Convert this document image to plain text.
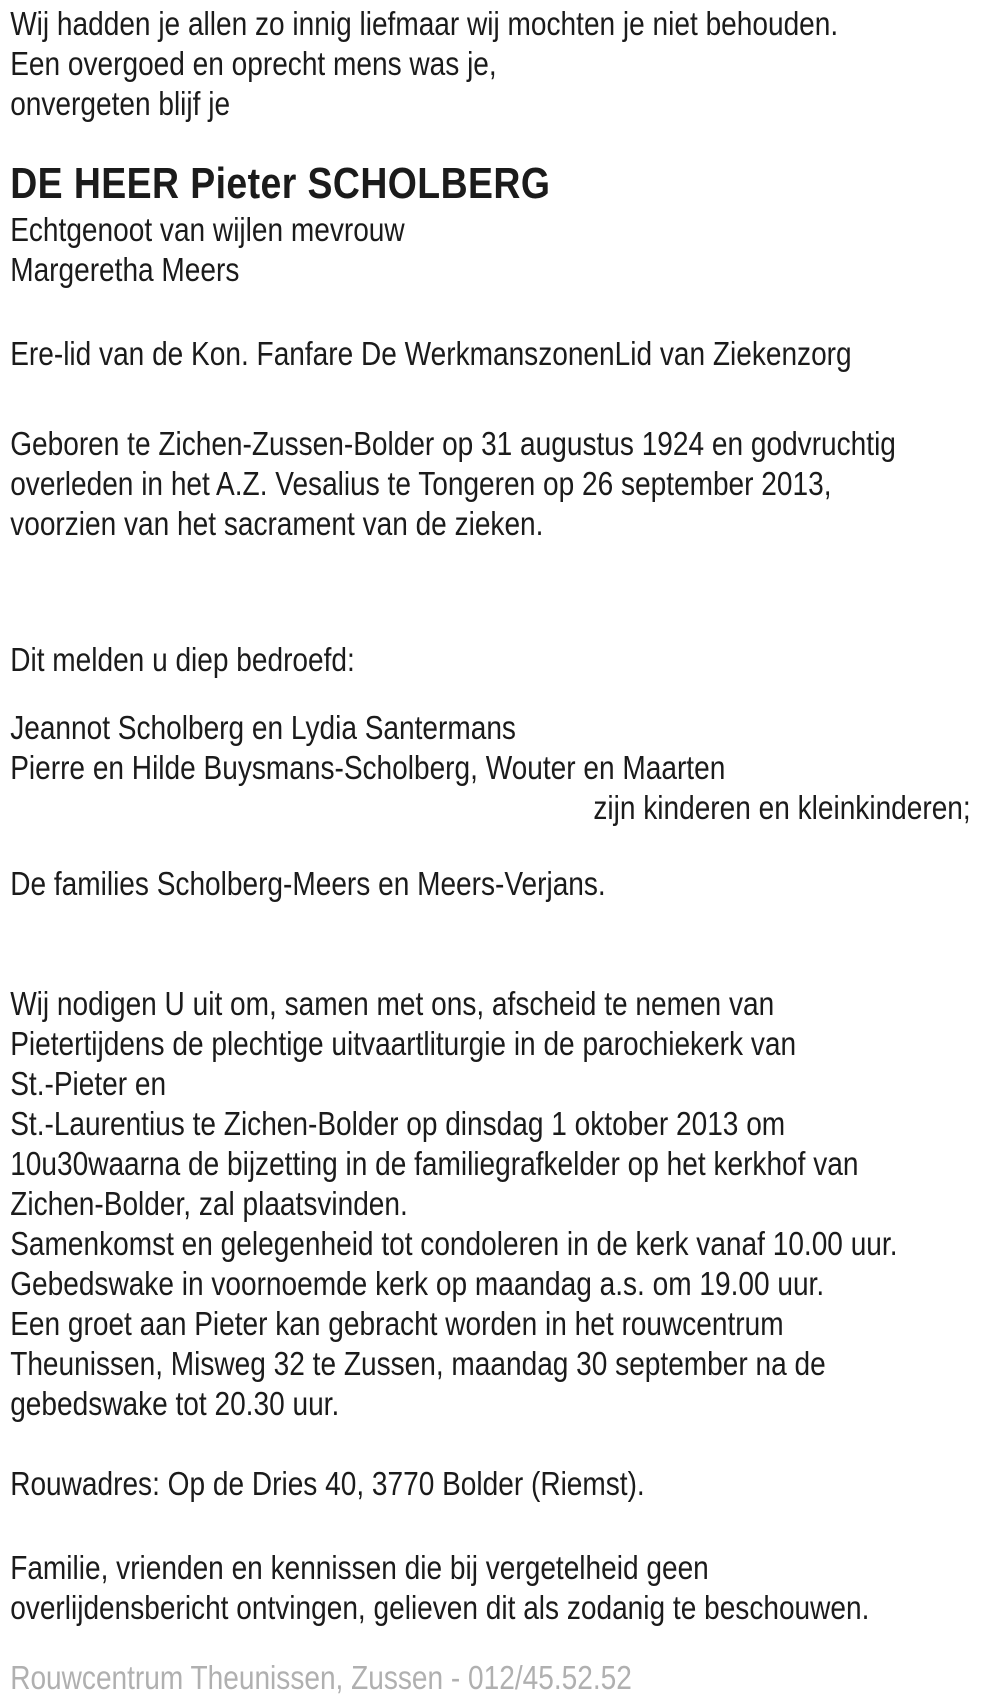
Wij hadden je allen zo innig liefmaar wij mochten je niet behouden.
Een overgoed en oprecht mens was je,
onvergeten blijf je
DE HEER Pieter SCHOLBERG
Echtgenoot van wijlen mevrouw
Margeretha Meers
Ere-lid van de Kon. Fanfare De WerkmanszonenLid van Ziekenzorg
Geboren te Zichen-Zussen-Bolder op 31 augustus 1924 en godvruchtig
overleden in het A.Z. Vesalius te Tongeren op 26 september 2013,
voorzien van het sacrament van de zieken.
Dit melden u diep bedroefd:
Jeannot Scholberg en Lydia Santermans
Pierre en Hilde Buysmans-Scholberg, Wouter en Maarten
zijn kinderen en kleinkinderen;
De families Scholberg-Meers en Meers-Verjans.
Wij nodigen U uit om, samen met ons, afscheid te nemen van
Pietertijdens de plechtige uitvaartliturgie in de parochiekerk van
St.-Pieter en
St.-Laurentius te Zichen-Bolder op dinsdag 1 oktober 2013 om
10u30waarna de bijzetting in de familiegrafkelder op het kerkhof van
Zichen-Bolder, zal plaatsvinden.
Samenkomst en gelegenheid tot condoleren in de kerk vanaf 10.00 uur.
Gebedswake in voornoemde kerk op maandag a.s. om 19.00 uur.
Een groet aan Pieter kan gebracht worden in het rouwcentrum
Theunissen, Misweg 32 te Zussen, maandag 30 september na de
gebedswake tot 20.30 uur.
Rouwadres: Op de Dries 40, 3770 Bolder (Riemst).
Familie, vrienden en kennissen die bij vergetelheid geen
overlijdensbericht ontvingen, gelieven dit als zodanig te beschouwen.
Rouwcentrum Theunissen, Zussen - 012/45.52.52
